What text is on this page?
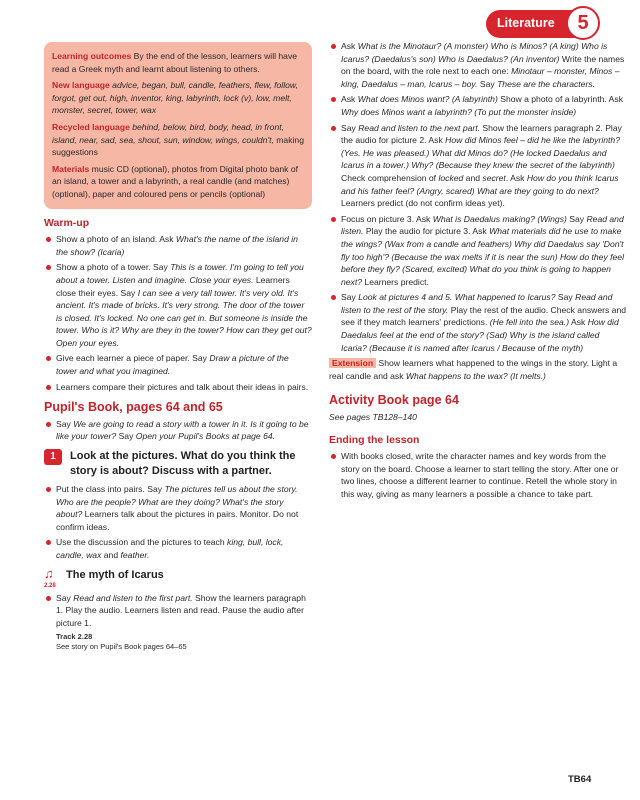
Literature	5

Learning outcomes By the end of the lesson, learners will have read a Greek myth and learnt about listening to others.

New language advice, began, bull, candle, feathers, flew, follow, forgot, get out, high, inventor, king, labyrinth, lock (v), low, melt, monster, secret, tower, wax

Recycled language behind, below, bird, body, head, in front, island, near, sad, sea, shout, sun, window, wings, couldn't, making suggestions

Materials music CD (optional), photos from Digital photo bank of an island, a tower and a labyrinth, a real candle (and matches) (optional), paper and coloured pens or pencils (optional)

Warm-up
Show a photo of an island. Ask What's the name of the island in the show? (Icaria)
Show a photo of a tower. Say This is a tower. I'm going to tell you about a tower. Listen and imagine. Close your eyes. Learners close their eyes. Say I can see a very tall tower. It's very old. It's ancient. It's made of bricks. It's very strong. The door of the tower is closed. It's locked. No one can get in. But someone is inside the tower. Who is it? Why are they in the tower? How can they get out? Open your eyes.
Give each learner a piece of paper. Say Draw a picture of the tower and what you imagined.
Learners compare their pictures and talk about their ideas in pairs.
Pupil's Book, pages 64 and 65
Say We are going to read a story with a tower in it. Is it going to be like your tower? Say Open your Pupil's Books at page 64.
1	Look at the pictures. What do you think the story is about? Discuss with a partner.
Put the class into pairs. Say The pictures tell us about the story. Who are the people? What are they doing? What's the story about? Learners talk about the pictures in pairs. Monitor. Do not confirm ideas.
Use the discussion and the pictures to teach king, bull, lock, candle, wax and feather.
♫
2.28
The myth of Icarus
Say Read and listen to the first part. Show the learners paragraph 1. Play the audio. Learners listen and read. Pause the audio after picture 1.
Track 2.28
See story on Pupil's Book pages 64–65
Ask What is the Minotaur? (A monster) Who is Minos? (A king) Who is Icarus? (Daedalus's son) Who is Daedalus? (An inventor) Write the names on the board, with the role next to each one: Minotaur – monster, Minos – king, Daedalus – man, Icarus – boy. Say These are the characters.
Ask What does Minos want? (A labyrinth) Show a photo of a labyrinth. Ask Why does Minos want a labyrinth? (To put the monster inside)
Say Read and listen to the next part. Show the learners paragraph 2. Play the audio for picture 2. Ask How did Minos feel – did he like the labyrinth? (Yes. He was pleased.) What did Minos do? (He locked Daedalus and Icarus in a tower.) Why? (Because they knew the secret of the labyrinth) Check comprehension of locked and secret. Ask How do you think Icarus and his father feel? (Angry, scared) What are they going to do next? Learners predict (do not confirm ideas yet).
Focus on picture 3. Ask What is Daedalus making? (Wings) Say Read and listen. Play the audio for picture 3. Ask What materials did he use to make the wings? (Wax from a candle and feathers) Why did Daedalus say 'Don't fly too high'? (Because the wax melts if it is near the sun) How do they feel before they fly? (Scared, excited) What do you think is going to happen next? Learners predict.
Say Look at pictures 4 and 5. What happened to Icarus? Say Read and listen to the rest of the story. Play the rest of the audio. Check answers and see if they match learners' predictions. (He fell into the sea.) Ask How did Daedalus feel at the end of the story? (Sad) Why is the island called Icaria? (Because it is named after Icarus / Because of the myth)

Extension Show learners what happened to the wings in the story. Light a real candle and ask What happens to the wax? (It melts.)

Activity Book page 64

See pages TB128–140

Ending the lesson
With books closed, write the character names and key words from the story on the board. Choose a learner to start telling the story. After one or two lines, choose a different learner to continue. Retell the whole story in this way, giving as many learners a possible a chance to take part.
TB64
